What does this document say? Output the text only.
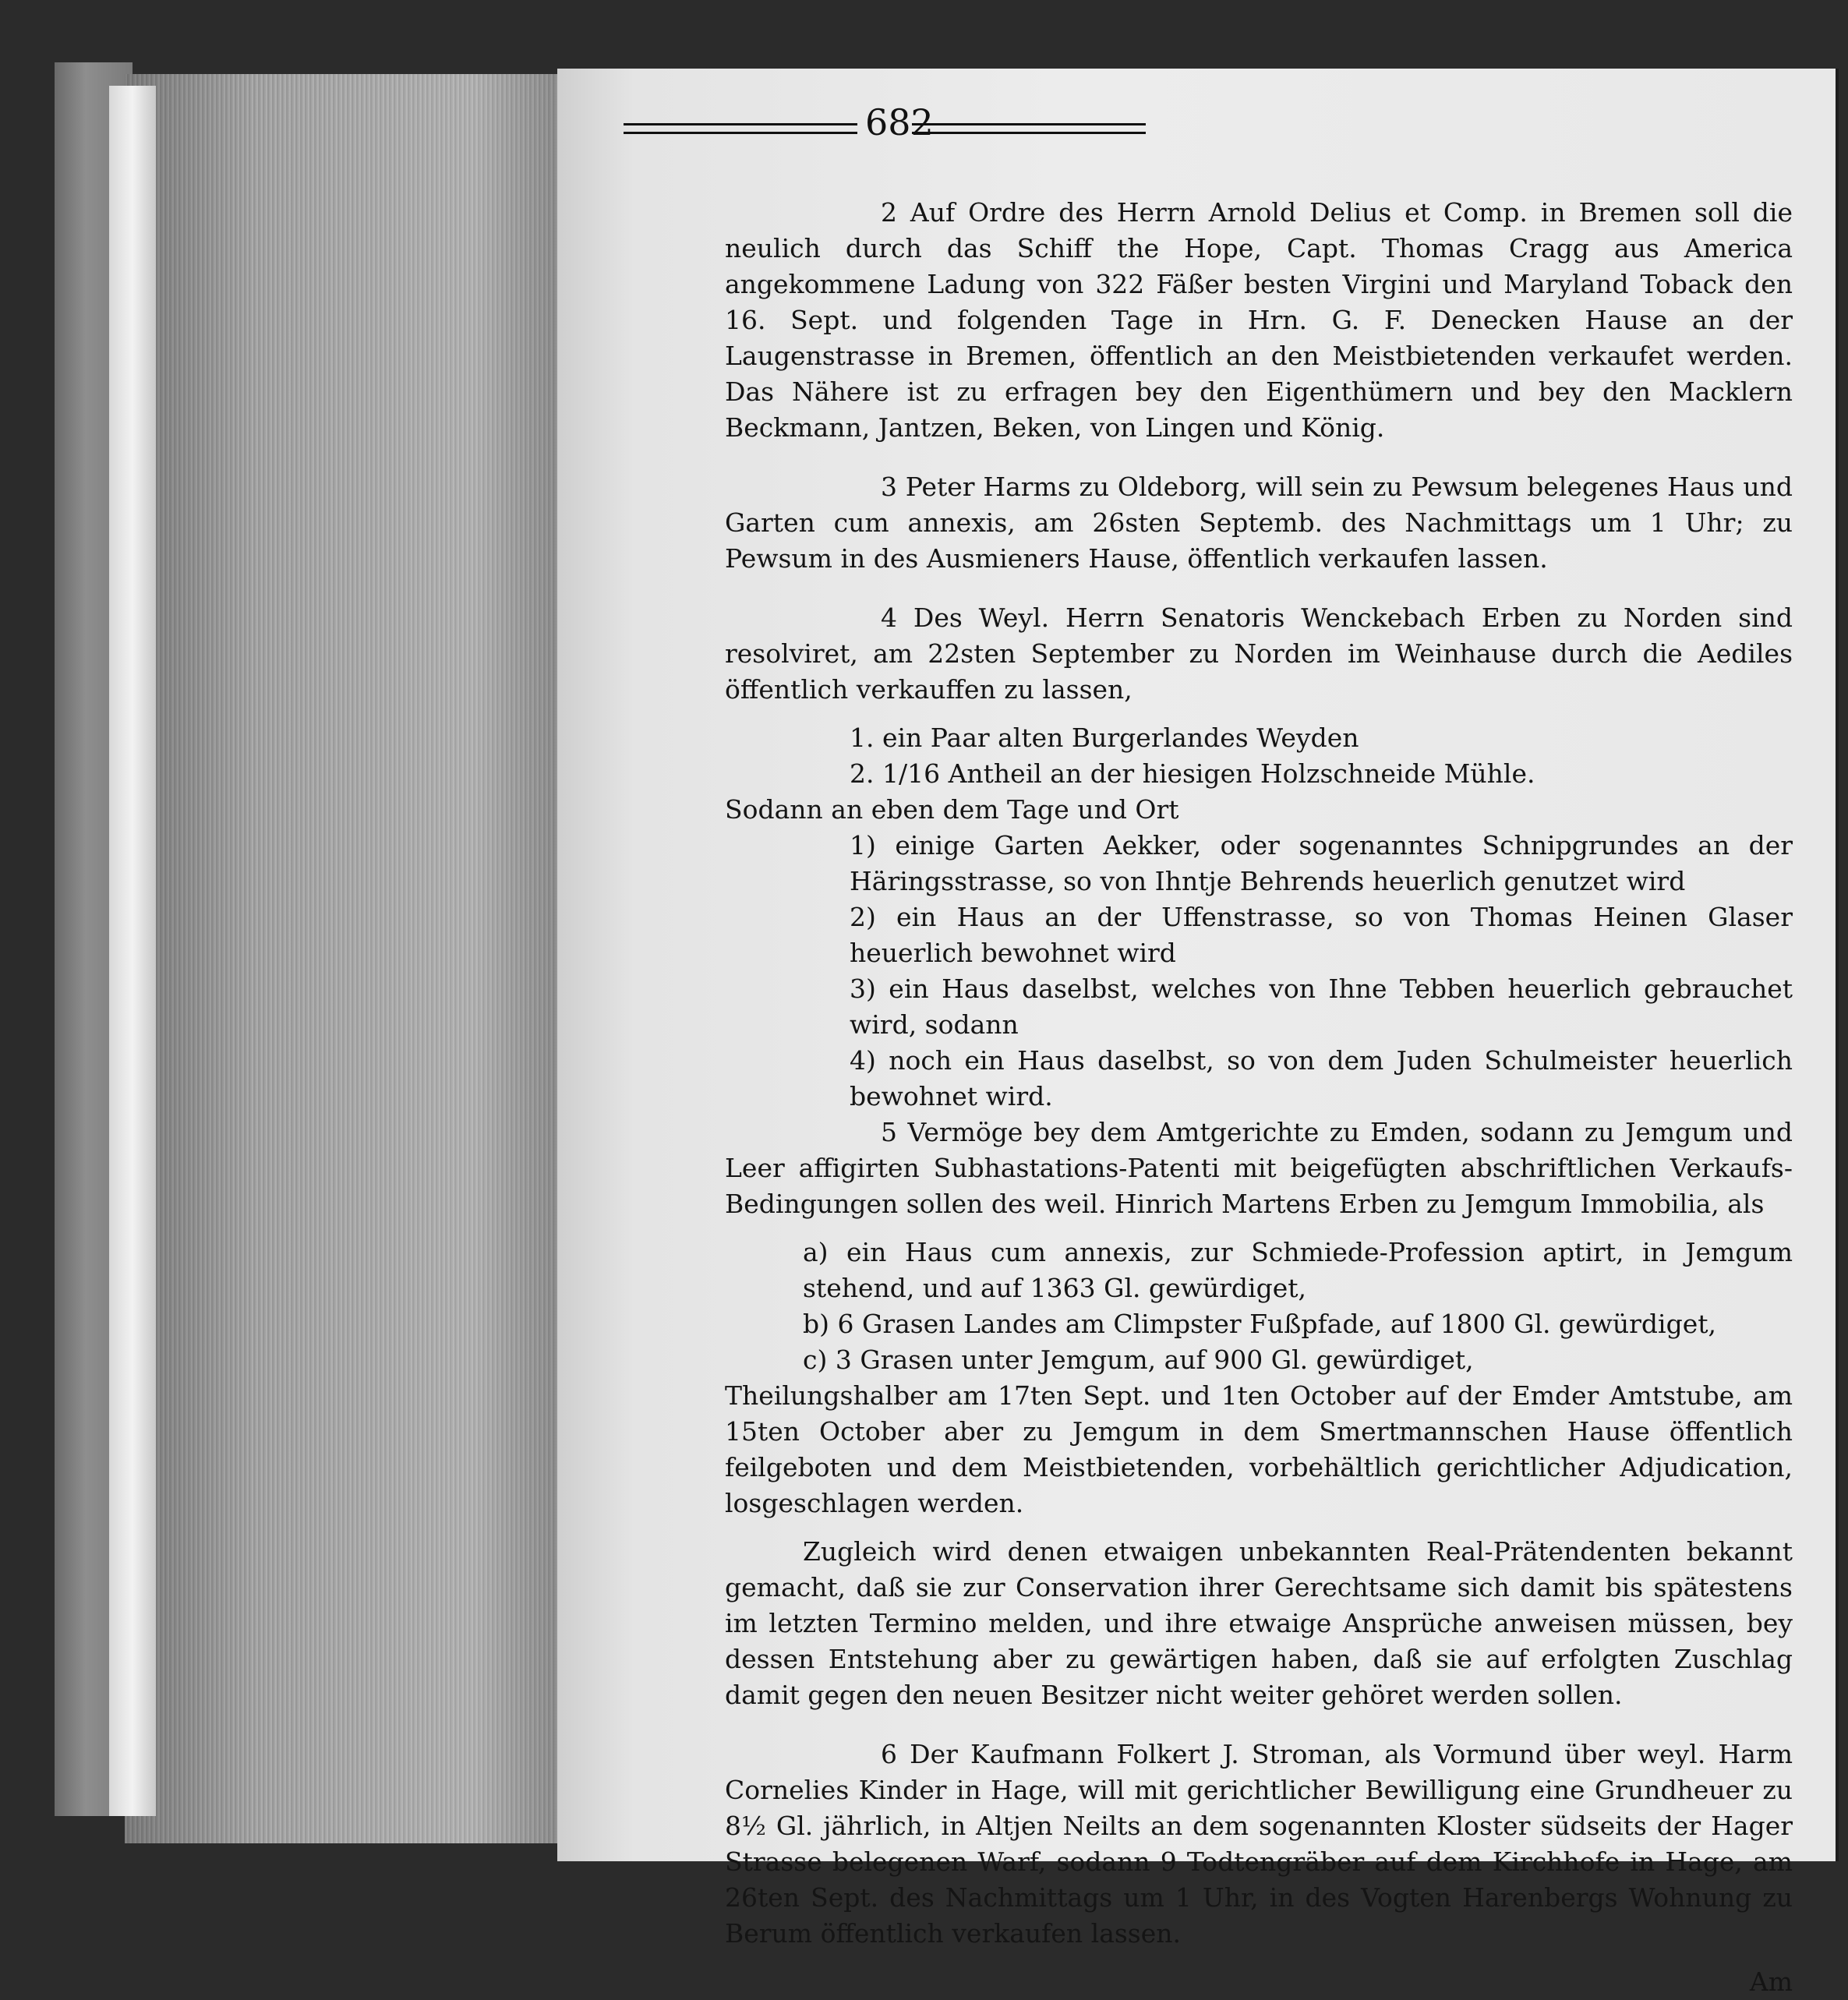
682

2 Auf Ordre des Herrn Arnold Delius et Comp. in Bremen soll die neulich durch das Schiff the Hope, Capt. Thomas Cragg aus America angekommene Ladung von 322 Fäßer besten Virgini und Maryland Toback den 16. Sept. und folgenden Tage in Hrn. G. F. Denecken Hause an der Laugenstrasse in Bremen, öffentlich an den Meistbietenden verkaufet werden. Das Nähere ist zu erfragen bey den Eigenthümern und bey den Macklern Beckmann, Jantzen, Beken, von Lingen und König.

3 Peter Harms zu Oldeborg, will sein zu Pewsum belegenes Haus und Garten cum annexis, am 26sten Septemb. des Nachmittags um 1 Uhr; zu Pewsum in des Ausmieners Hause, öffentlich verkaufen lassen.

4 Des Weyl. Herrn Senatoris Wenckebach Erben zu Norden sind resolviret, am 22sten September zu Norden im Weinhause durch die Aediles öffentlich verkauffen zu lassen,

1. ein Paar alten Burgerlandes Weyden

2. 1/16 Antheil an der hiesigen Holzschneide Mühle.

Sodann an eben dem Tage und Ort

1) einige Garten Aekker, oder sogenanntes Schnipgrundes an der Häringsstrasse, so von Ihntje Behrends heuerlich genutzet wird

2) ein Haus an der Uffenstrasse, so von Thomas Heinen Glaser heuerlich bewohnet wird

3) ein Haus daselbst, welches von Ihne Tebben heuerlich gebrauchet wird, sodann

4) noch ein Haus daselbst, so von dem Juden Schulmeister heuerlich bewohnet wird.

5 Vermöge bey dem Amtgerichte zu Emden, sodann zu Jemgum und Leer affigirten Subhastations-Patenti mit beigefügten abschriftlichen Verkaufs-Bedingungen sollen des weil. Hinrich Martens Erben zu Jemgum Immobilia, als

a) ein Haus cum annexis, zur Schmiede-Profession aptirt, in Jemgum stehend, und auf 1363 Gl. gewürdiget,

b) 6 Grasen Landes am Climpster Fußpfade, auf 1800 Gl. gewürdiget,

c) 3 Grasen unter Jemgum, auf 900 Gl. gewürdiget,

Theilungshalber am 17ten Sept. und 1ten October auf der Emder Amtstube, am 15ten October aber zu Jemgum in dem Smertmannschen Hause öffentlich feilgeboten und dem Meistbietenden, vorbehältlich gerichtlicher Adjudication, losgeschlagen werden.

Zugleich wird denen etwaigen unbekannten Real-Prätendenten bekannt gemacht, daß sie zur Conservation ihrer Gerechtsame sich damit bis spätestens im letzten Termino melden, und ihre etwaige Ansprüche anweisen müssen, bey dessen Entstehung aber zu gewärtigen haben, daß sie auf erfolgten Zuschlag damit gegen den neuen Besitzer nicht weiter gehöret werden sollen.

6 Der Kaufmann Folkert J. Stroman, als Vormund über weyl. Harm Cornelies Kinder in Hage, will mit gerichtlicher Bewilligung eine Grundheuer zu 8½ Gl. jährlich, in Altjen Neilts an dem sogenannten Kloster südseits der Hager Strasse belegenen Warf, sodann 9 Todtengräber auf dem Kirchhofe in Hage, am 26ten Sept. des Nachmittags um 1 Uhr, in des Vogten Harenbergs Wohnung zu Berum öffentlich verkaufen lassen.

Am
